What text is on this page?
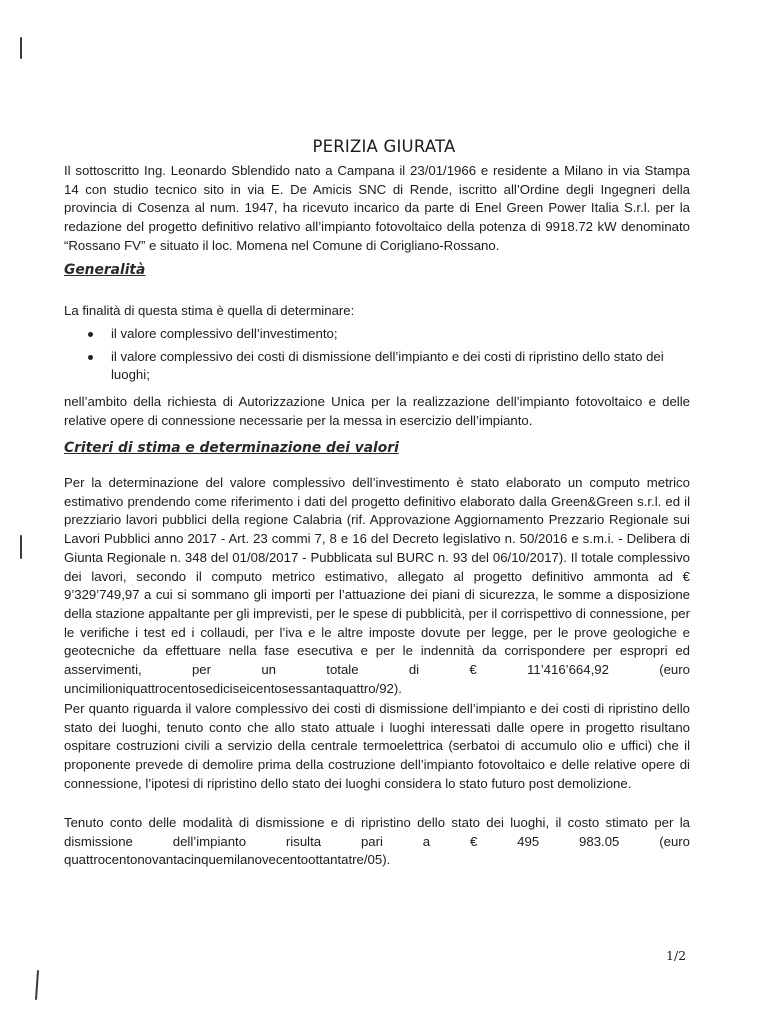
PERIZIA GIURATA

Il sottoscritto Ing. Leonardo Sblendido nato a Campana il 23/01/1966 e residente a Milano in via Stampa 14 con studio tecnico sito in via E. De Amicis SNC di Rende, iscritto all’Ordine degli Ingegneri della provincia di Cosenza al num. 1947, ha ricevuto incarico da parte di Enel Green Power Italia S.r.l. per la redazione del progetto definitivo relativo all’impianto fotovoltaico della potenza di 9918.72 kW denominato “Rossano FV” e situato il loc. Momena nel Comune di Corigliano-Rossano.

Generalità

La finalità di questa stima è quella di determinare:

il valore complessivo dell’investimento;
il valore complessivo dei costi di dismissione dell’impianto e dei costi di ripristino dello stato dei luoghi;

nell’ambito della richiesta di Autorizzazione Unica per la realizzazione dell’impianto fotovoltaico e delle relative opere di connessione necessarie per la messa in esercizio dell’impianto.

Criteri di stima e determinazione dei valori

Per la determinazione del valore complessivo dell’investimento è stato elaborato un computo metrico estimativo prendendo come riferimento i dati del progetto definitivo elaborato dalla Green&Green s.r.l. ed il prezziario lavori pubblici della regione Calabria (rif. Approvazione Aggiornamento Prezzario Regionale sui Lavori Pubblici anno 2017 - Art. 23 commi 7, 8 e 16 del Decreto legislativo n. 50/2016 e s.m.i. - Delibera di Giunta Regionale n. 348 del 01/08/2017 - Pubblicata sul BURC n. 93 del 06/10/2017). Il totale complessivo dei lavori, secondo il computo metrico estimativo, allegato al progetto definitivo ammonta ad € 9’329’749,97 a cui si sommano gli importi per l’attuazione dei piani di sicurezza, le somme a disposizione della stazione appaltante per gli imprevisti, per le spese di pubblicità, per il corrispettivo di connessione, per le verifiche i test ed i collaudi, per l’iva e le altre imposte dovute per legge, per le prove geologiche e geotecniche da effettuare nella fase esecutiva e per le indennità da corrispondere per espropri ed asservimenti, per un totale di € 11’416’664,92 (euro uncimilioniquattrocentosediciseicentosessantaquattro/92).

Per quanto riguarda il valore complessivo dei costi di dismissione dell’impianto e dei costi di ripristino dello stato dei luoghi, tenuto conto che allo stato attuale i luoghi interessati dalle opere in progetto risultano ospitare costruzioni civili a servizio della centrale termoelettrica (serbatoi di accumulo olio e uffici) che il proponente prevede di demolire prima della costruzione dell’impianto fotovoltaico e delle relative opere di connessione, l’ipotesi di ripristino dello stato dei luoghi considera lo stato futuro post demolizione.

Tenuto conto delle modalità di dismissione e di ripristino dello stato dei luoghi, il costo stimato per la dismissione dell’impianto risulta pari a € 495 983.05 (euro quattrocentonovantacinquemilanovecentoottantatre/05).

1/2
